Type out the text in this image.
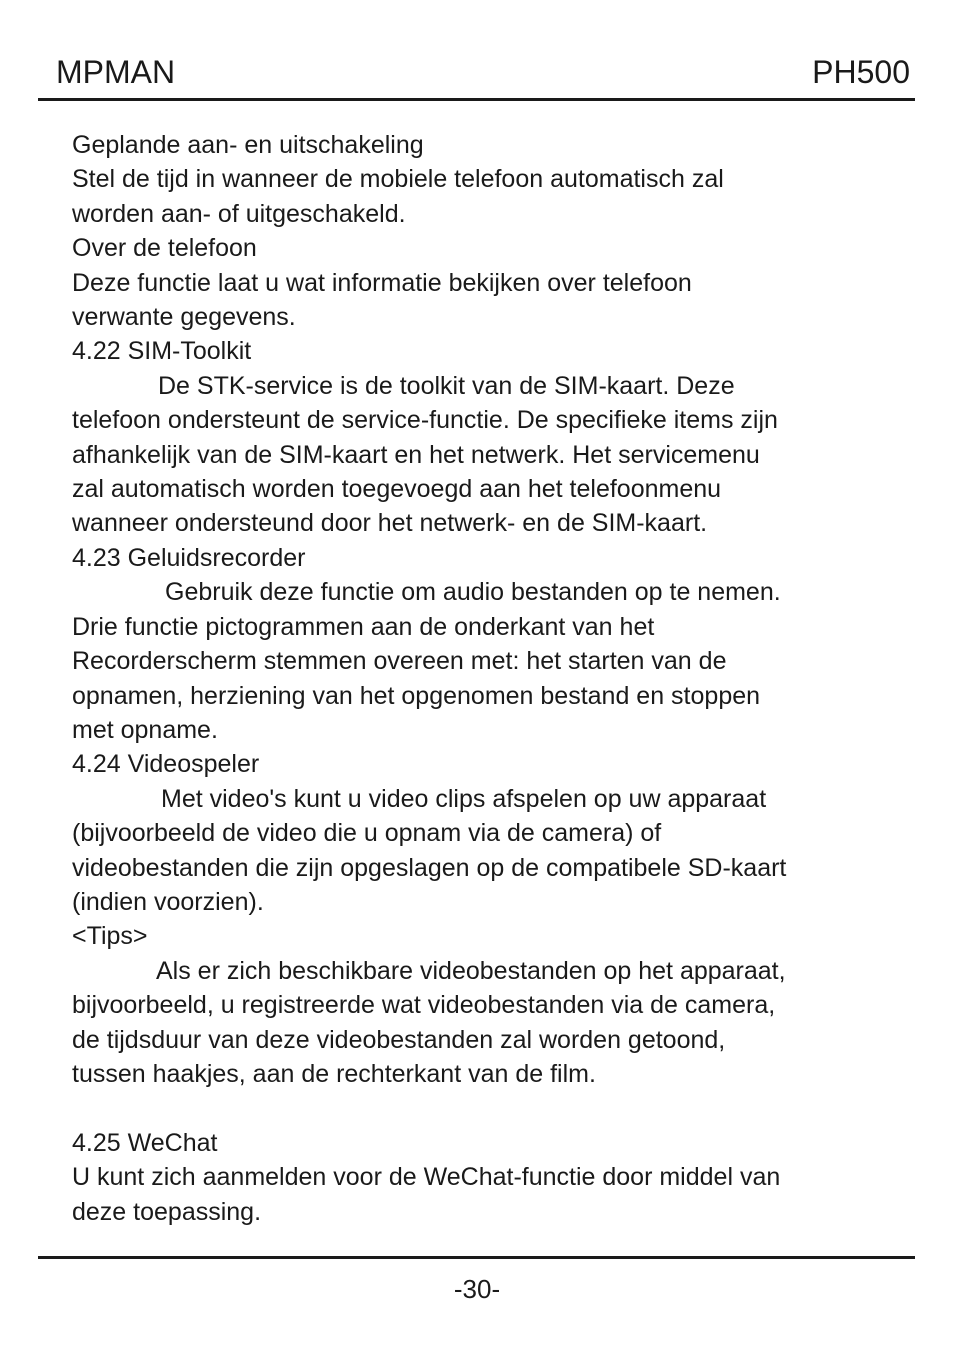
MPMAN	PH500

Geplande aan- en uitschakeling

Stel de tijd in wanneer de mobiele telefoon automatisch zal

worden aan- of uitgeschakeld.

Over de telefoon

Deze functie laat u wat informatie bekijken over telefoon

verwante gegevens.

4.22 SIM-Toolkit

De STK-service is de toolkit van de SIM-kaart. Deze

telefoon ondersteunt de service-functie. De specifieke items zijn

afhankelijk van de SIM-kaart en het netwerk. Het servicemenu

zal automatisch worden toegevoegd aan het telefoonmenu

wanneer ondersteund door het netwerk- en de SIM-kaart.

4.23 Geluidsrecorder

Gebruik deze functie om audio bestanden op te nemen.

Drie functie pictogrammen aan de onderkant van het

Recorderscherm stemmen overeen met: het starten van de

opnamen, herziening van het opgenomen bestand en stoppen

met opname.

4.24 Videospeler

Met video's kunt u video clips afspelen op uw apparaat

(bijvoorbeeld de video die u opnam via de camera) of

videobestanden die zijn opgeslagen op de compatibele SD-kaart

(indien voorzien).

<Tips>

Als er zich beschikbare videobestanden op het apparaat,

bijvoorbeeld, u registreerde wat videobestanden via de camera,

de tijdsduur van deze videobestanden zal worden getoond,

tussen haakjes, aan de rechterkant van de film.

4.25 WeChat

U kunt zich aanmelden voor de WeChat-functie door middel van

deze toepassing.

-30-
